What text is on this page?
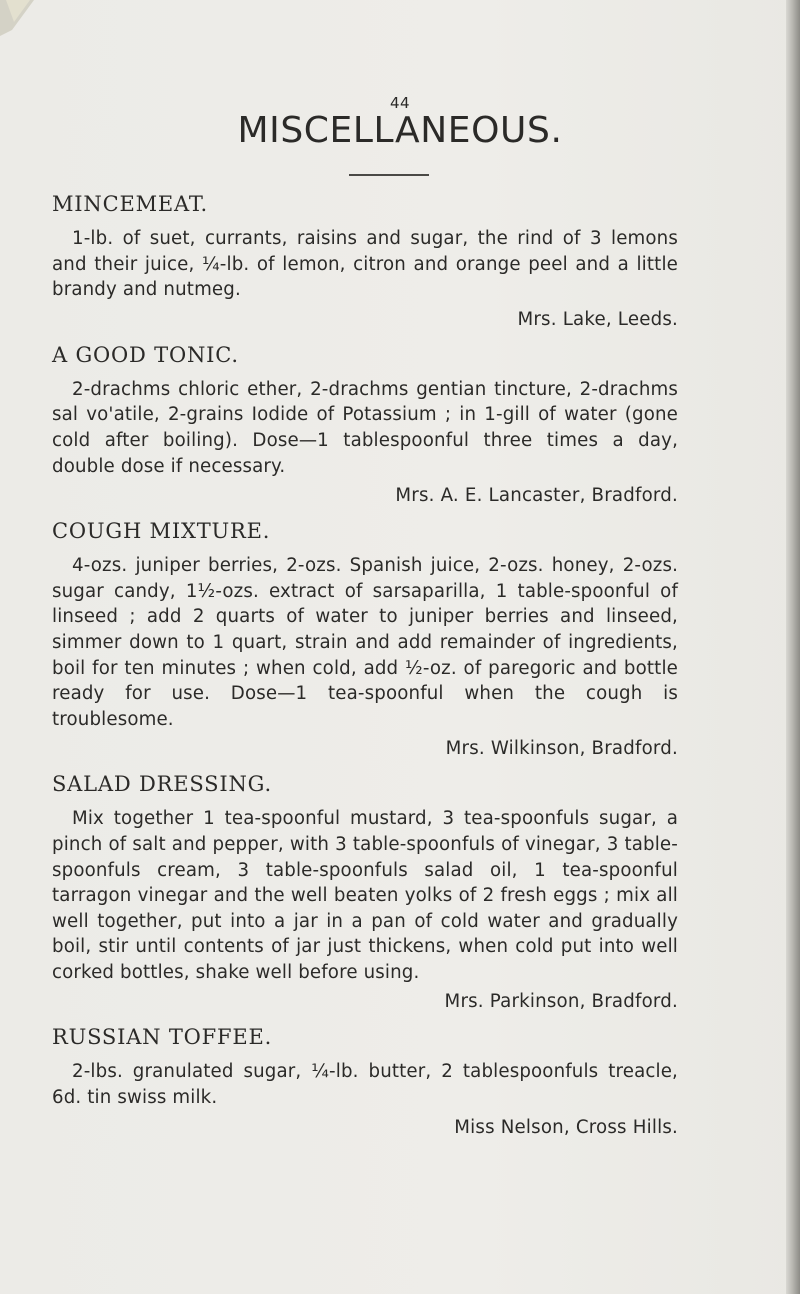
44
MISCELLANEOUS.
MINCEMEAT.

1-lb. of suet, currants, raisins and sugar, the rind of 3 lemons and their juice, ¼-lb. of lemon, citron and orange peel and a little brandy and nutmeg.

Mrs. Lake, Leeds.

A GOOD TONIC.

2-drachms chloric ether, 2-drachms gentian tincture, 2-drachms sal vo'atile, 2-grains Iodide of Potassium ; in 1-gill of water (gone cold after boiling). Dose—1 tablespoonful three times a day, double dose if necessary.

Mrs. A. E. Lancaster, Bradford.

COUGH MIXTURE.

4-ozs. juniper berries, 2-ozs. Spanish juice, 2-ozs. honey, 2-ozs. sugar candy, 1½-ozs. extract of sarsaparilla, 1 table-spoonful of linseed ; add 2 quarts of water to juniper berries and linseed, simmer down to 1 quart, strain and add remainder of ingredients, boil for ten minutes ; when cold, add ½-oz. of paregoric and bottle ready for use. Dose—1 tea-spoonful when the cough is troublesome.

Mrs. Wilkinson, Bradford.

SALAD DRESSING.

Mix together 1 tea-spoonful mustard, 3 tea-spoonfuls sugar, a pinch of salt and pepper, with 3 table-spoonfuls of vinegar, 3 table-spoonfuls cream, 3 table-spoonfuls salad oil, 1 tea-spoonful tarragon vinegar and the well beaten yolks of 2 fresh eggs ; mix all well together, put into a jar in a pan of cold water and gradually boil, stir until contents of jar just thickens, when cold put into well corked bottles, shake well before using.

Mrs. Parkinson, Bradford.

RUSSIAN TOFFEE.

2-lbs. granulated sugar, ¼-lb. butter, 2 tablespoonfuls treacle, 6d. tin swiss milk.

Miss Nelson, Cross Hills.
